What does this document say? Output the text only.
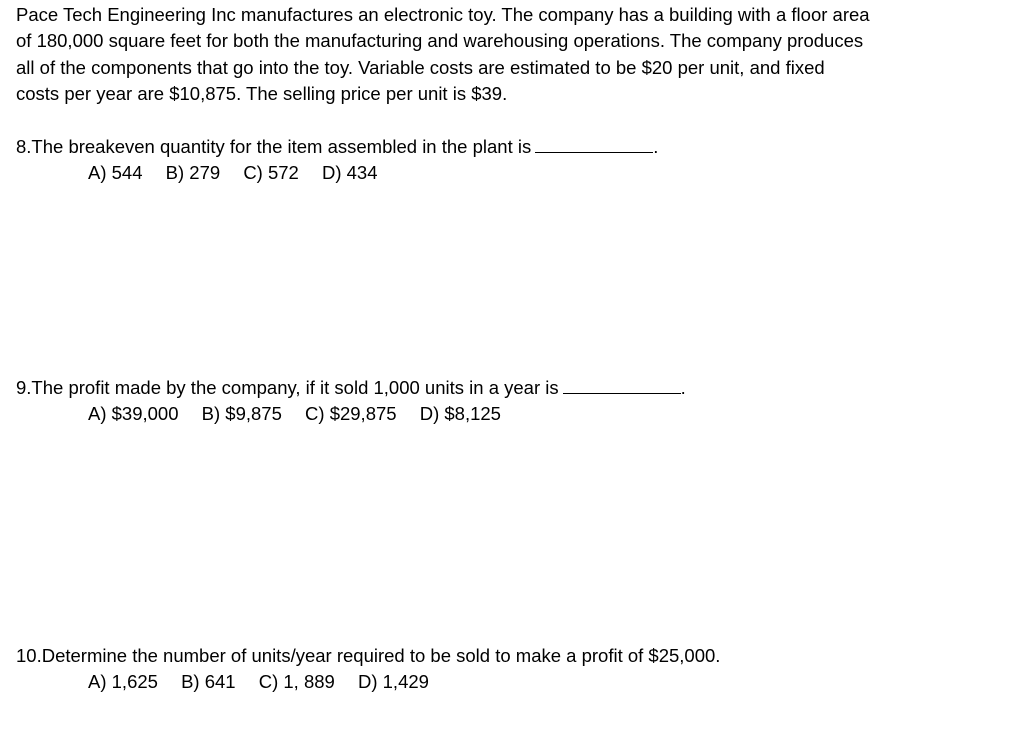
Pace Tech Engineering Inc manufactures an electronic toy. The company has a building with a floor area
of 180,000 square feet for both the manufacturing and warehousing operations. The company produces
all of the components that go into the toy. Variable costs are estimated to be $20 per unit, and fixed
costs per year are $10,875. The selling price per unit is $39.
8.The breakeven quantity for the item assembled in the plant is	.
A) 544 B) 279 C) 572 D) 434
9.The profit made by the company, if it sold 1,000 units in a year is	.
A) $39,000 B) $9,875 C) $29,875 D) $8,125
10.Determine the number of units/year required to be sold to make a profit of $25,000.
A) 1,625 B) 641 C) 1, 889 D) 1,429
